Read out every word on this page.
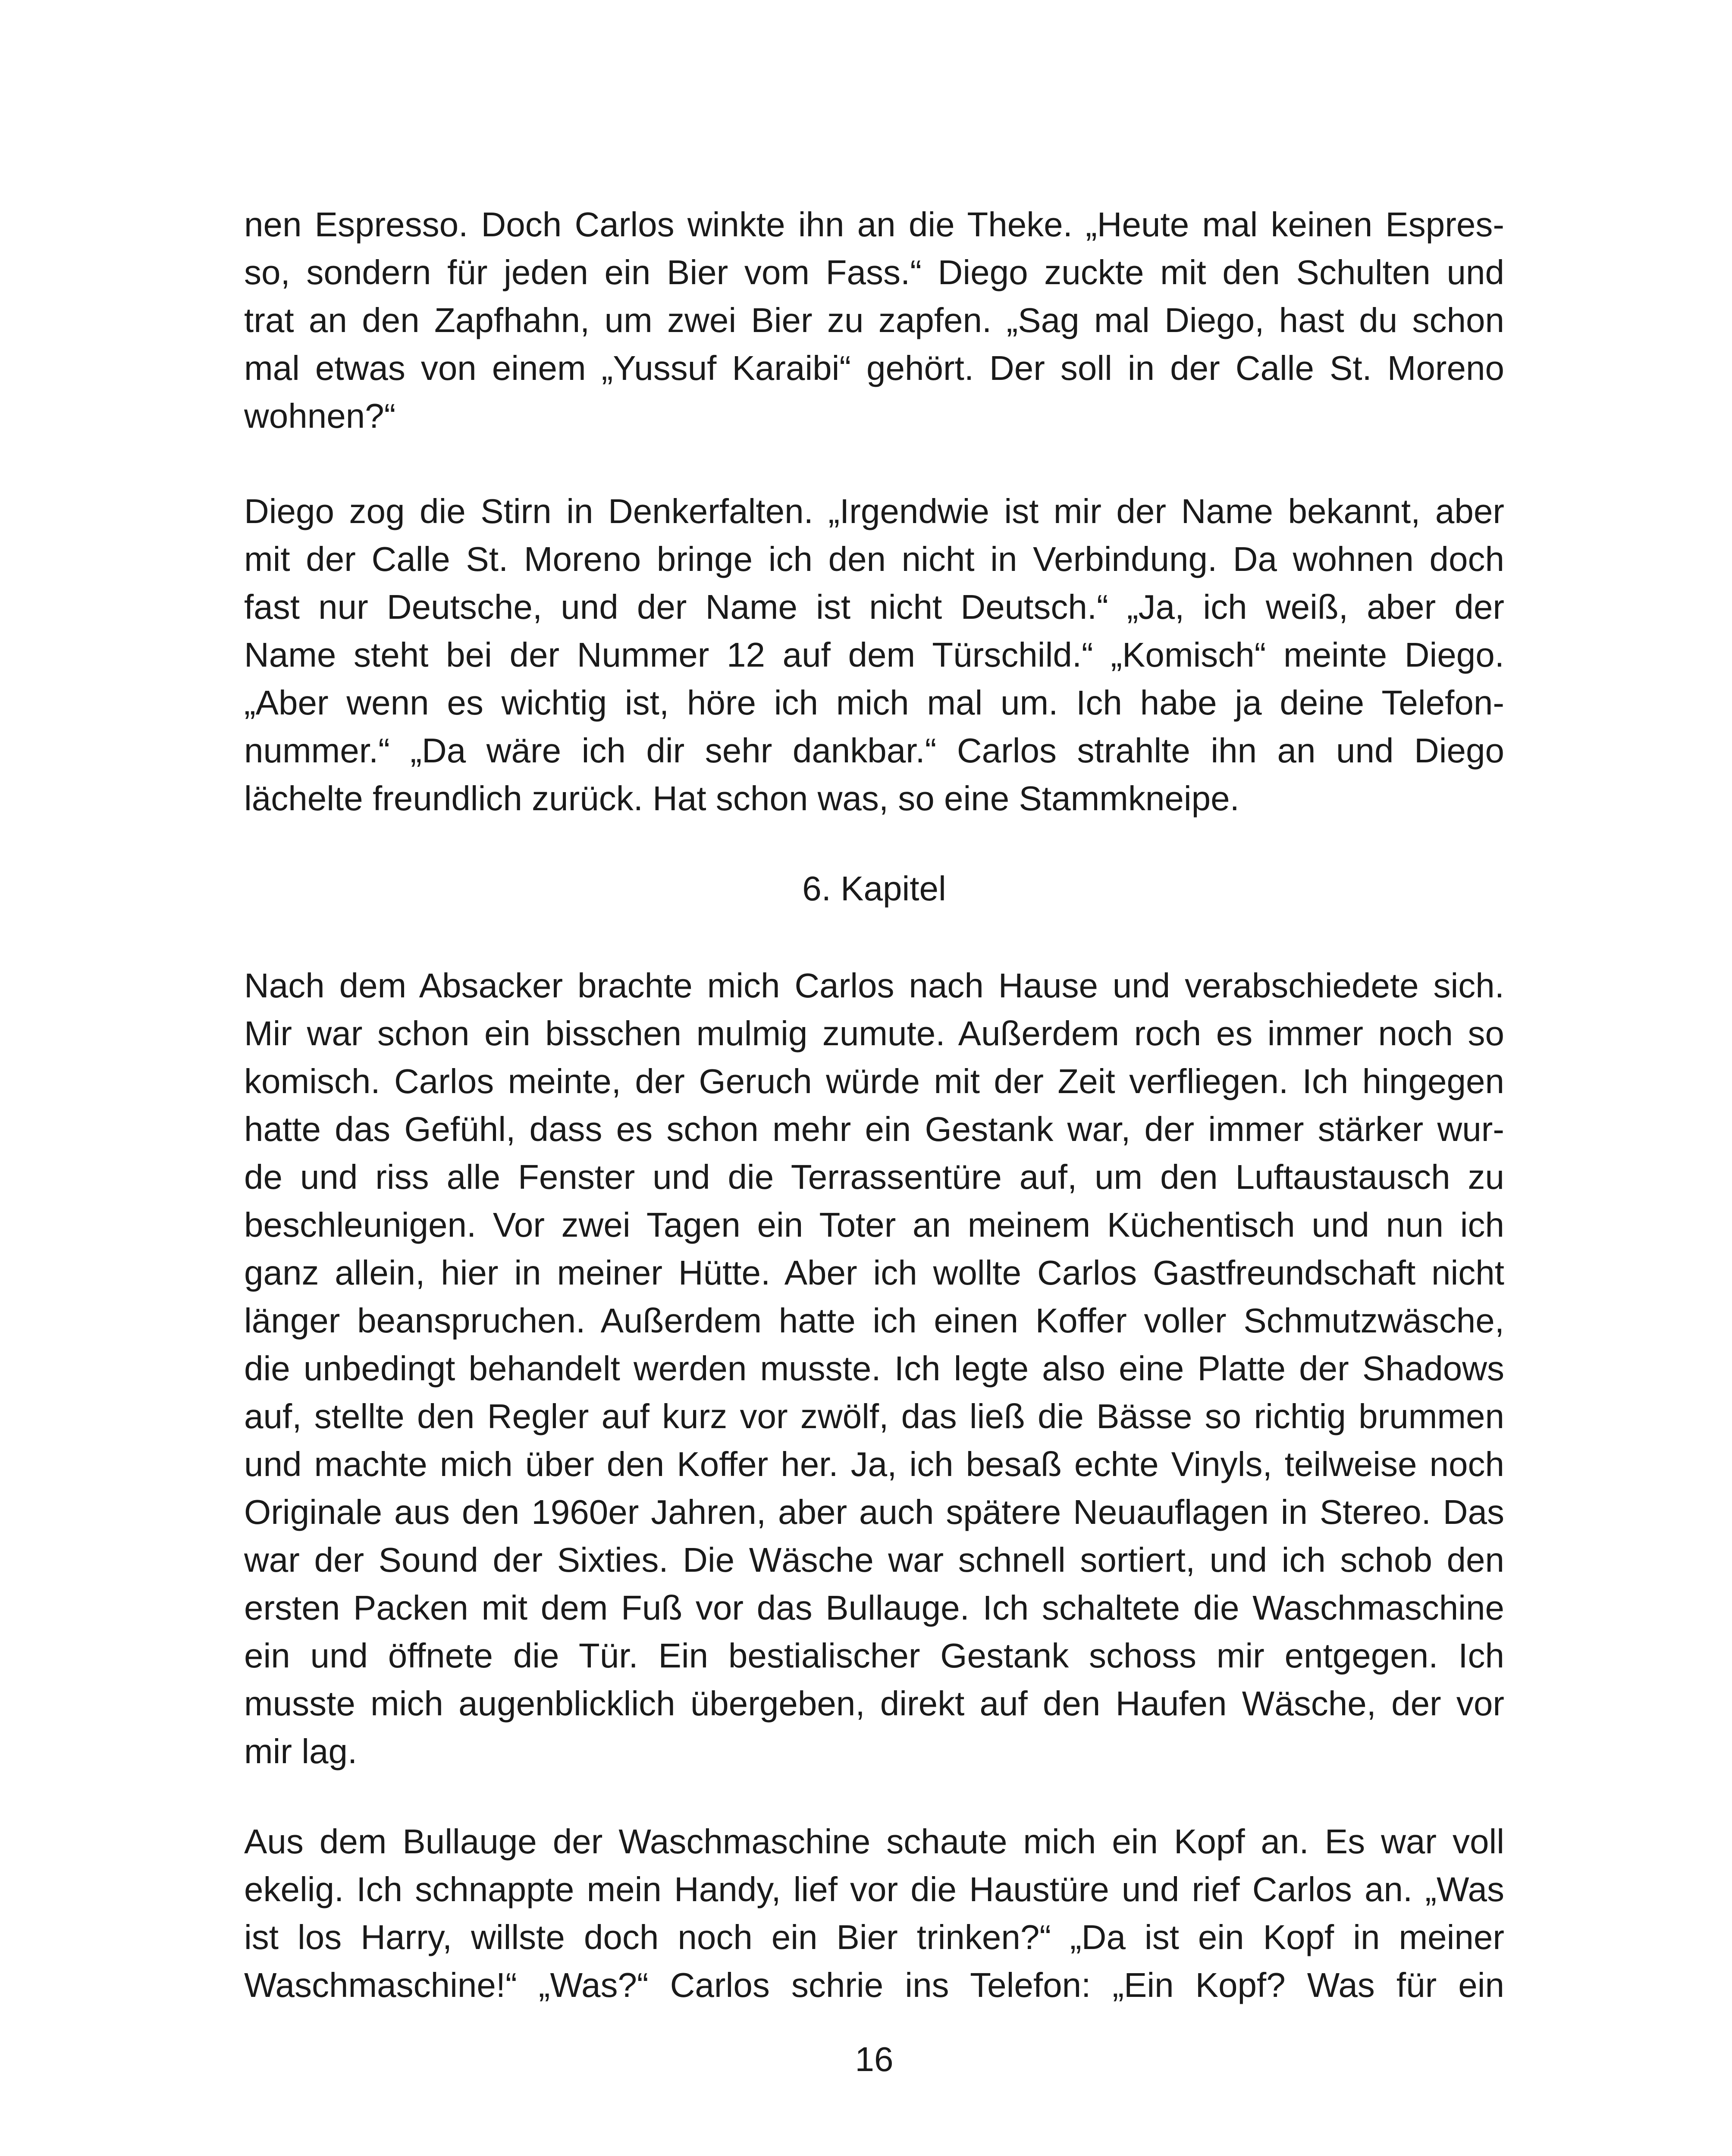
nen Espresso. Doch Carlos winkte ihn an die Theke. „Heute mal keinen Espres-
so, sondern für jeden ein Bier vom Fass.“ Diego zuckte mit den Schulten und
trat an den Zapfhahn, um zwei Bier zu zapfen. „Sag mal Diego, hast du schon
mal etwas von einem „Yussuf Karaibi“ gehört. Der soll in der Calle St. Moreno
wohnen?“
Diego zog die Stirn in Denkerfalten. „Irgendwie ist mir der Name bekannt, aber
mit der Calle St. Moreno bringe ich den nicht in Verbindung. Da wohnen doch
fast nur Deutsche, und der Name ist nicht Deutsch.“ „Ja, ich weiß, aber der
Name steht bei der Nummer 12 auf dem Türschild.“ „Komisch“ meinte Diego.
„Aber wenn es wichtig ist, höre ich mich mal um. Ich habe ja deine Telefon-
nummer.“ „Da wäre ich dir sehr dankbar.“ Carlos strahlte ihn an und Diego
lächelte freundlich zurück. Hat schon was, so eine Stammkneipe.
6. Kapitel
Nach dem Absacker brachte mich Carlos nach Hause und verabschiedete sich.
Mir war schon ein bisschen mulmig zumute. Außerdem roch es immer noch so
komisch. Carlos meinte, der Geruch würde mit der Zeit verfliegen. Ich hingegen
hatte das Gefühl, dass es schon mehr ein Gestank war, der immer stärker wur-
de und riss alle Fenster und die Terrassentüre auf, um den Luftaustausch zu
beschleunigen. Vor zwei Tagen ein Toter an meinem Küchentisch und nun ich
ganz allein, hier in meiner Hütte. Aber ich wollte Carlos Gastfreundschaft nicht
länger beanspruchen. Außerdem hatte ich einen Koffer voller Schmutzwäsche,
die unbedingt behandelt werden musste. Ich legte also eine Platte der Shadows
auf, stellte den Regler auf kurz vor zwölf, das ließ die Bässe so richtig brummen
und machte mich über den Koffer her. Ja, ich besaß echte Vinyls, teilweise noch
Originale aus den 1960er Jahren, aber auch spätere Neuauflagen in Stereo. Das
war der Sound der Sixties. Die Wäsche war schnell sortiert, und ich schob den
ersten Packen mit dem Fuß vor das Bullauge. Ich schaltete die Waschmaschine
ein und öffnete die Tür. Ein bestialischer Gestank schoss mir entgegen. Ich
musste mich augenblicklich übergeben, direkt auf den Haufen Wäsche, der vor
mir lag.
Aus dem Bullauge der Waschmaschine schaute mich ein Kopf an. Es war voll
ekelig. Ich schnappte mein Handy, lief vor die Haustüre und rief Carlos an. „Was
ist los Harry, willste doch noch ein Bier trinken?“ „Da ist ein Kopf in meiner
Waschmaschine!“ „Was?“ Carlos schrie ins Telefon: „Ein Kopf? Was für ein
16
